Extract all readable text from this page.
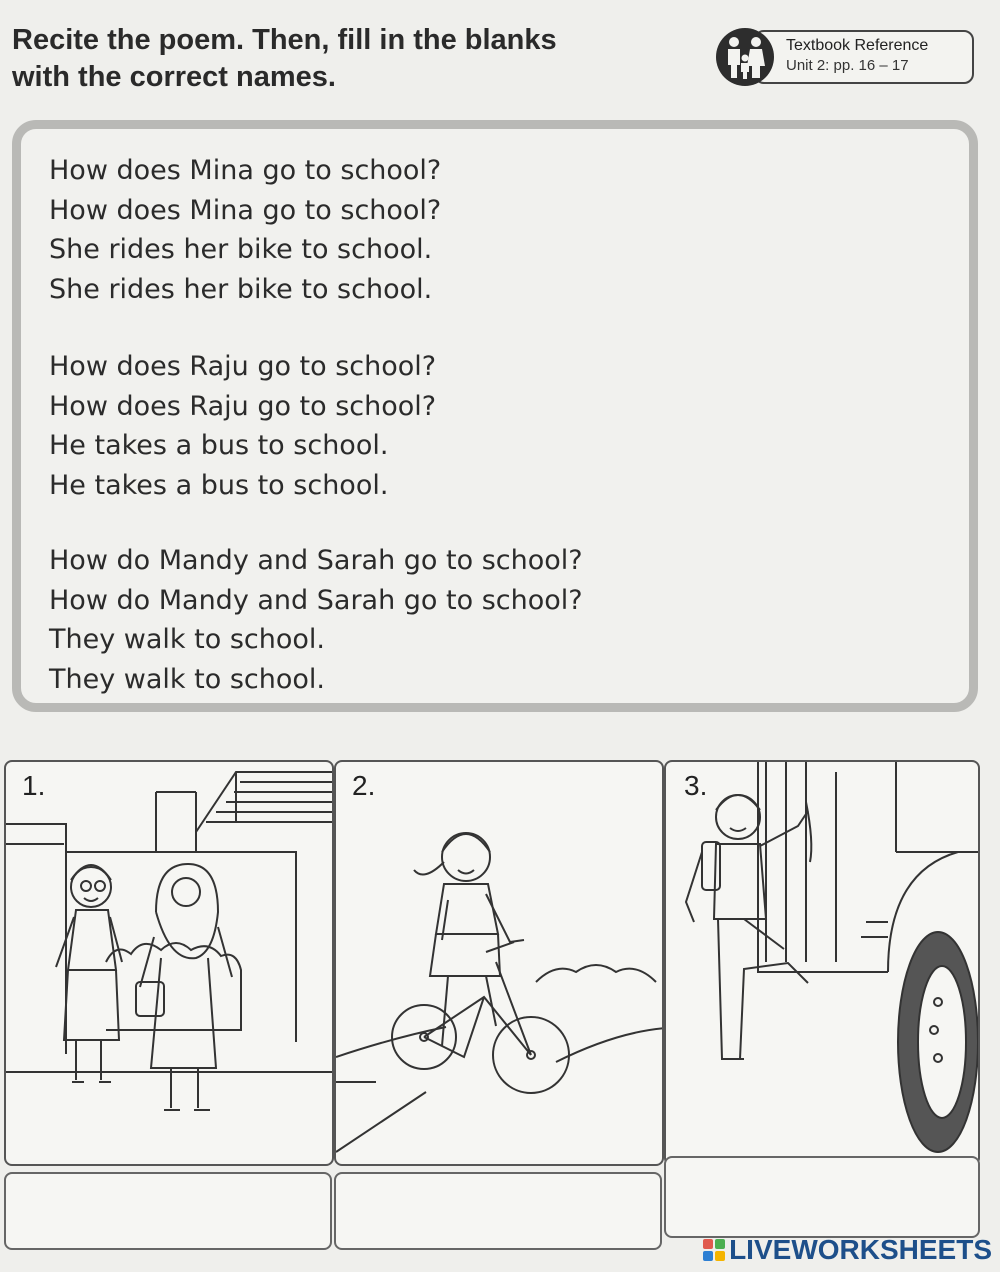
Recite the poem. Then, fill in the blanks
with the correct names.
Textbook Reference
Unit 2: pp. 16 – 17
How does Mina go to school?
How does Mina go to school?
She rides her bike to school.
She rides her bike to school.
How does Raju go to school?
How does Raju go to school?
He takes a bus to school.
He takes a bus to school.
How do Mandy and Sarah go to school?
How do Mandy and Sarah go to school?
They walk to school.
They walk to school.
1.	2.	3.
LIVEWORKSHEETS
